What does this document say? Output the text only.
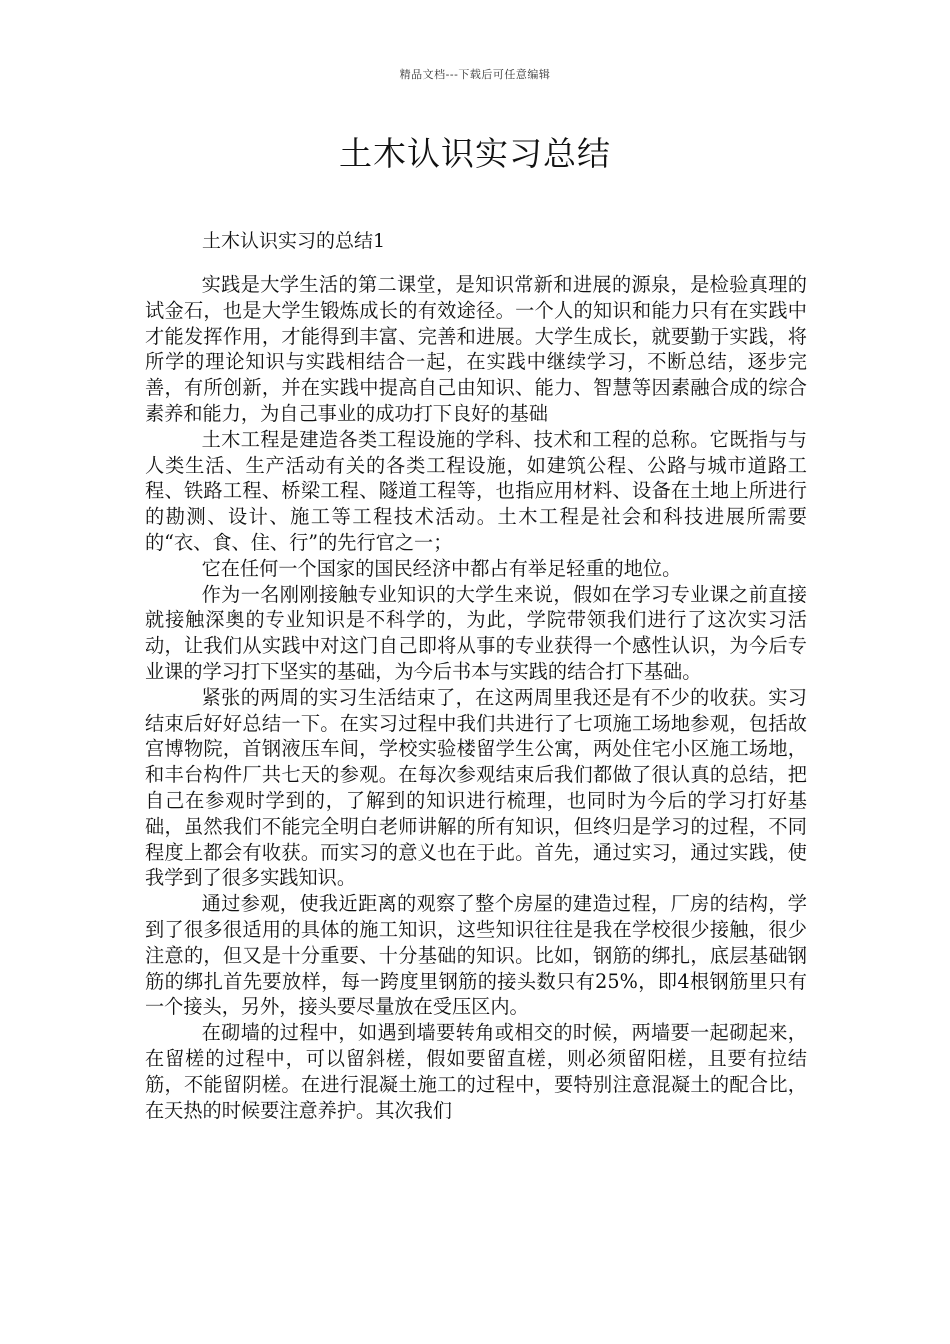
精品文档---下载后可任意编辑
土木认识实习总结
土木认识实习的总结1

实践是大学生活的第二课堂，是知识常新和进展的源泉，是检验真理的试金石，也是大学生锻炼成长的有效途径。一个人的知识和能力只有在实践中才能发挥作用，才能得到丰富、完善和进展。大学生成长，就要勤于实践，将所学的理论知识与实践相结合一起，在实践中继续学习，不断总结，逐步完善，有所创新，并在实践中提高自己由知识、能力、智慧等因素融合成的综合素养和能力，为自己事业的成功打下良好的基础

土木工程是建造各类工程设施的学科、技术和工程的总称。它既指与与人类生活、生产活动有关的各类工程设施，如建筑公程、公路与城市道路工程、铁路工程、桥梁工程、隧道工程等，也指应用材料、设备在土地上所进行的勘测、设计、施工等工程技术活动。土木工程是社会和科技进展所需要的“衣、食、住、行”的先行官之一；

它在任何一个国家的国民经济中都占有举足轻重的地位。

作为一名刚刚接触专业知识的大学生来说，假如在学习专业课之前直接就接触深奥的专业知识是不科学的，为此，学院带领我们进行了这次实习活动，让我们从实践中对这门自己即将从事的专业获得一个感性认识，为今后专业课的学习打下坚实的基础，为今后书本与实践的结合打下基础。

紧张的两周的实习生活结束了，在这两周里我还是有不少的收获。实习结束后好好总结一下。在实习过程中我们共进行了七项施工场地参观，包括故宫博物院，首钢液压车间，学校实验楼留学生公寓，两处住宅小区施工场地，和丰台构件厂共七天的参观。在每次参观结束后我们都做了很认真的总结，把自己在参观时学到的，了解到的知识进行梳理，也同时为今后的学习打好基础，虽然我们不能完全明白老师讲解的所有知识，但终归是学习的过程，不同程度上都会有收获。而实习的意义也在于此。首先，通过实习，通过实践，使我学到了很多实践知识。

通过参观，使我近距离的观察了整个房屋的建造过程，厂房的结构，学到了很多很适用的具体的施工知识，这些知识往往是我在学校很少接触，很少注意的，但又是十分重要、十分基础的知识。比如，钢筋的绑扎，底层基础钢筋的绑扎首先要放样，每一跨度里钢筋的接头数只有25%，即4根钢筋里只有一个接头，另外，接头要尽量放在受压区内。

在砌墙的过程中，如遇到墙要转角或相交的时候，两墙要一起砌起来，在留槎的过程中，可以留斜槎，假如要留直槎，则必须留阳槎，且要有拉结筋，不能留阴槎。在进行混凝土施工的过程中，要特别注意混凝土的配合比，在天热的时候要注意养护。其次我们
